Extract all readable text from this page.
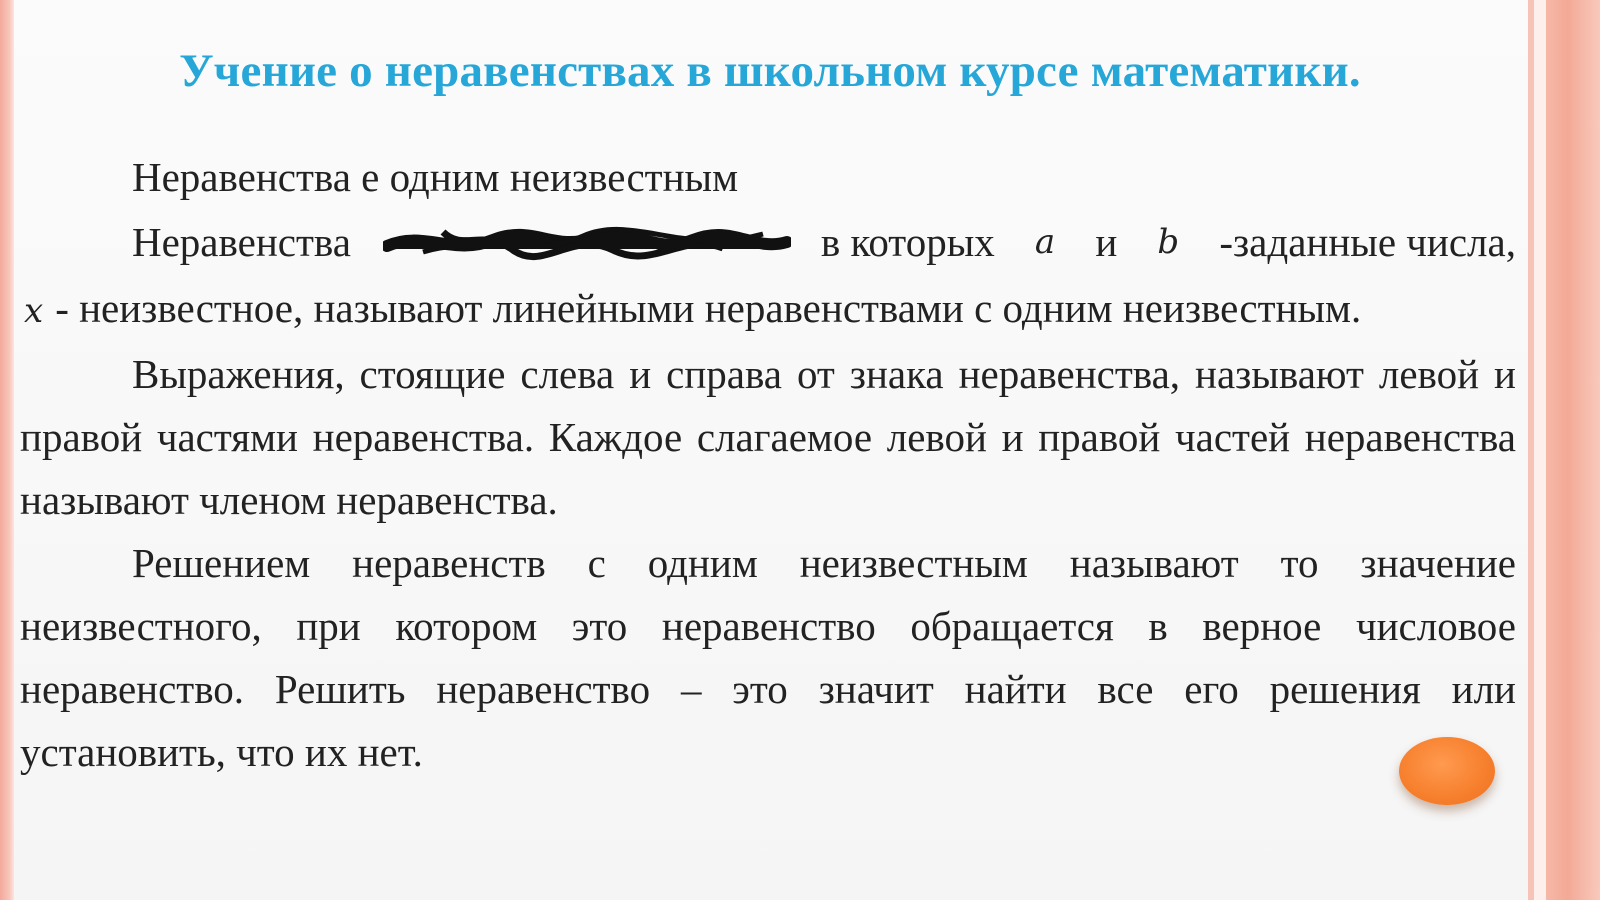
Учение о неравенствах в школьном курсе математики.

Неравенства е одним неизвестным

Неравенства	в которых a и b -заданные числа,

x - неизвестное, называют линейными неравенствами с одним неизвестным.

Выражения, стоящие слева и справа от знака неравенства, называют левой и правой частями неравенства. Каждое слагаемое левой и правой частей неравенства называют членом неравенства.

Решением неравенств с одним неизвестным называют то значение неизвестного, при котором это неравенство обращается в верное числовое неравенство. Решить неравенство – это значит найти все его решения или установить, что их нет.
